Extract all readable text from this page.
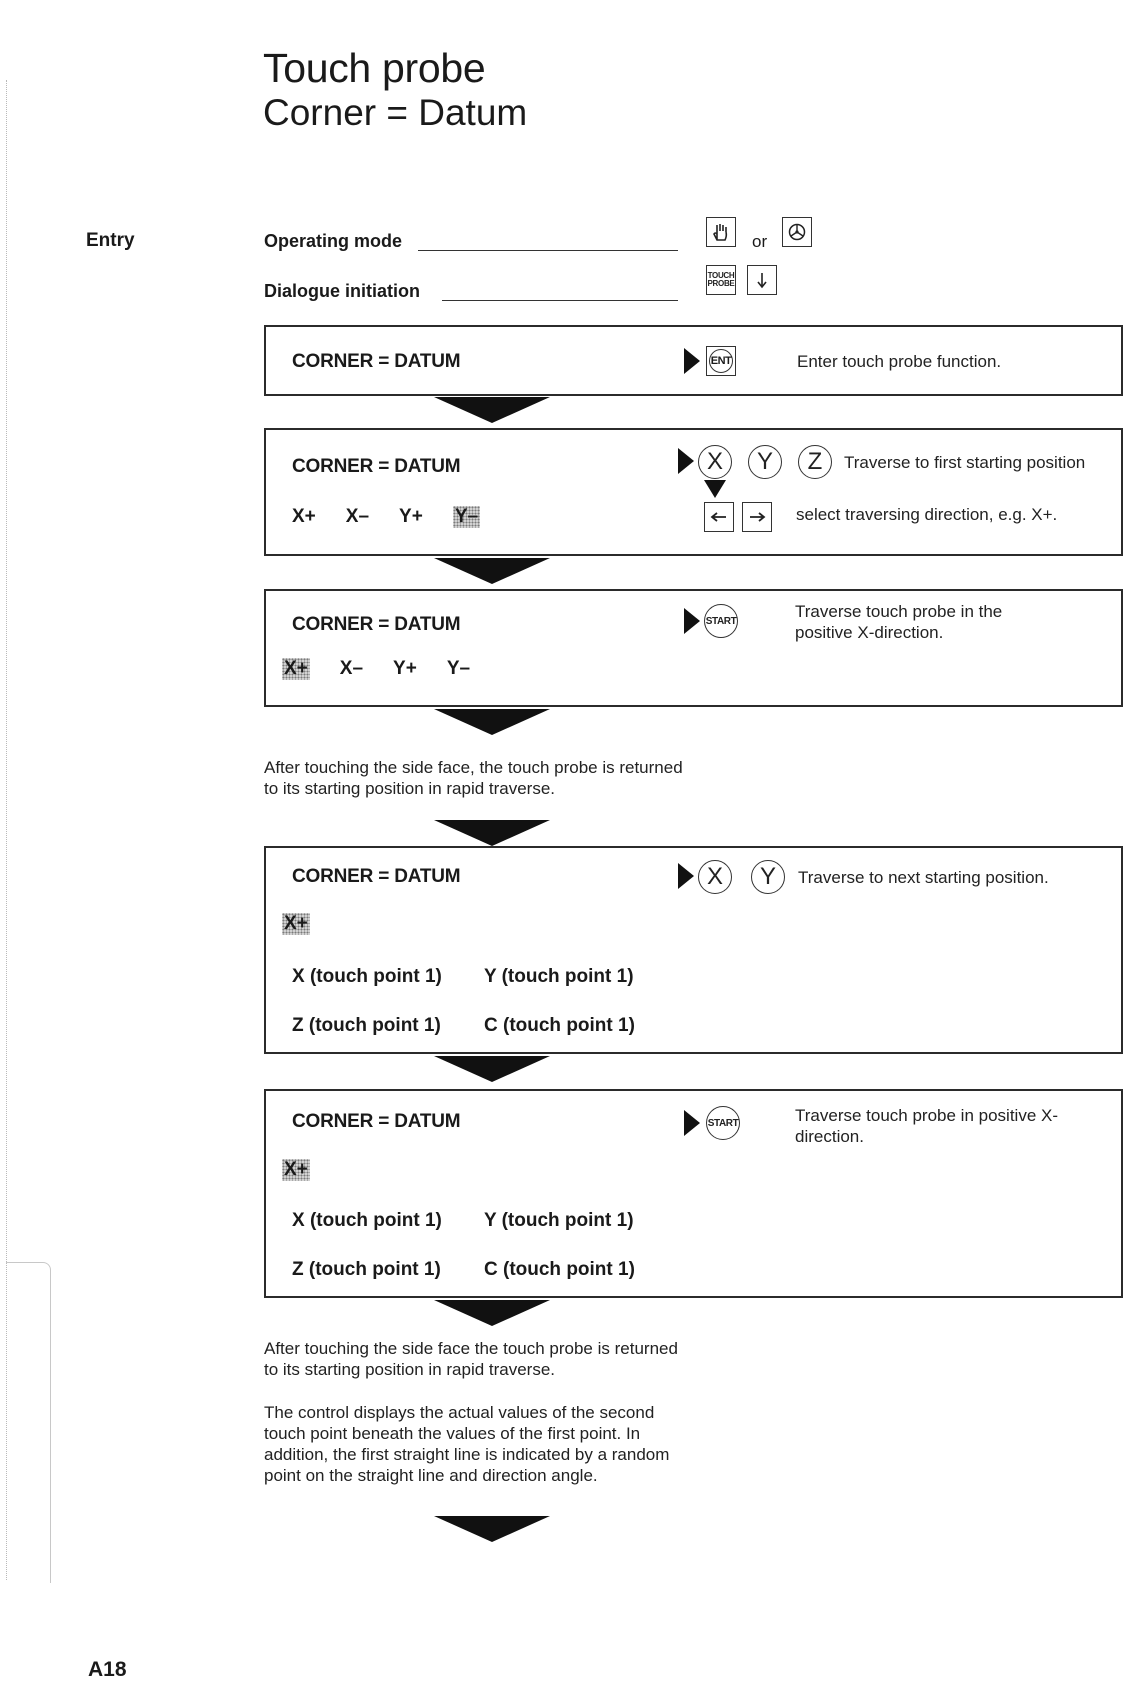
Touch probe
Corner = Datum
Entry	Operating mode	or
Dialogue initiation
TOUCH
PROBE
CORNER = DATUM	ENT	Enter touch probe function.
CORNER = DATUM
X+ X– Y+ Y–
X	Y	Z	Traverse to first starting position
select traversing direction, e.g. X+.
CORNER = DATUM
X+ X– Y+ Y–
START	Traverse touch probe in the positive X-direction.
After touching the side face, the touch probe is returned to its starting position in rapid traverse.
CORNER = DATUM
X+
X (touch point 1) Y (touch point 1)
Z (touch point 1) C (touch point 1)
X	Y	Traverse to next starting position.
CORNER = DATUM
X+
X (touch point 1) Y (touch point 1)
Z (touch point 1) C (touch point 1)
START	Traverse touch probe in positive X-direction.
After touching the side face the touch probe is returned to its starting position in rapid traverse.
The control displays the actual values of the second touch point beneath the values of the first point. In addition, the first straight line is indicated by a random point on the straight line and direction angle.
A18
